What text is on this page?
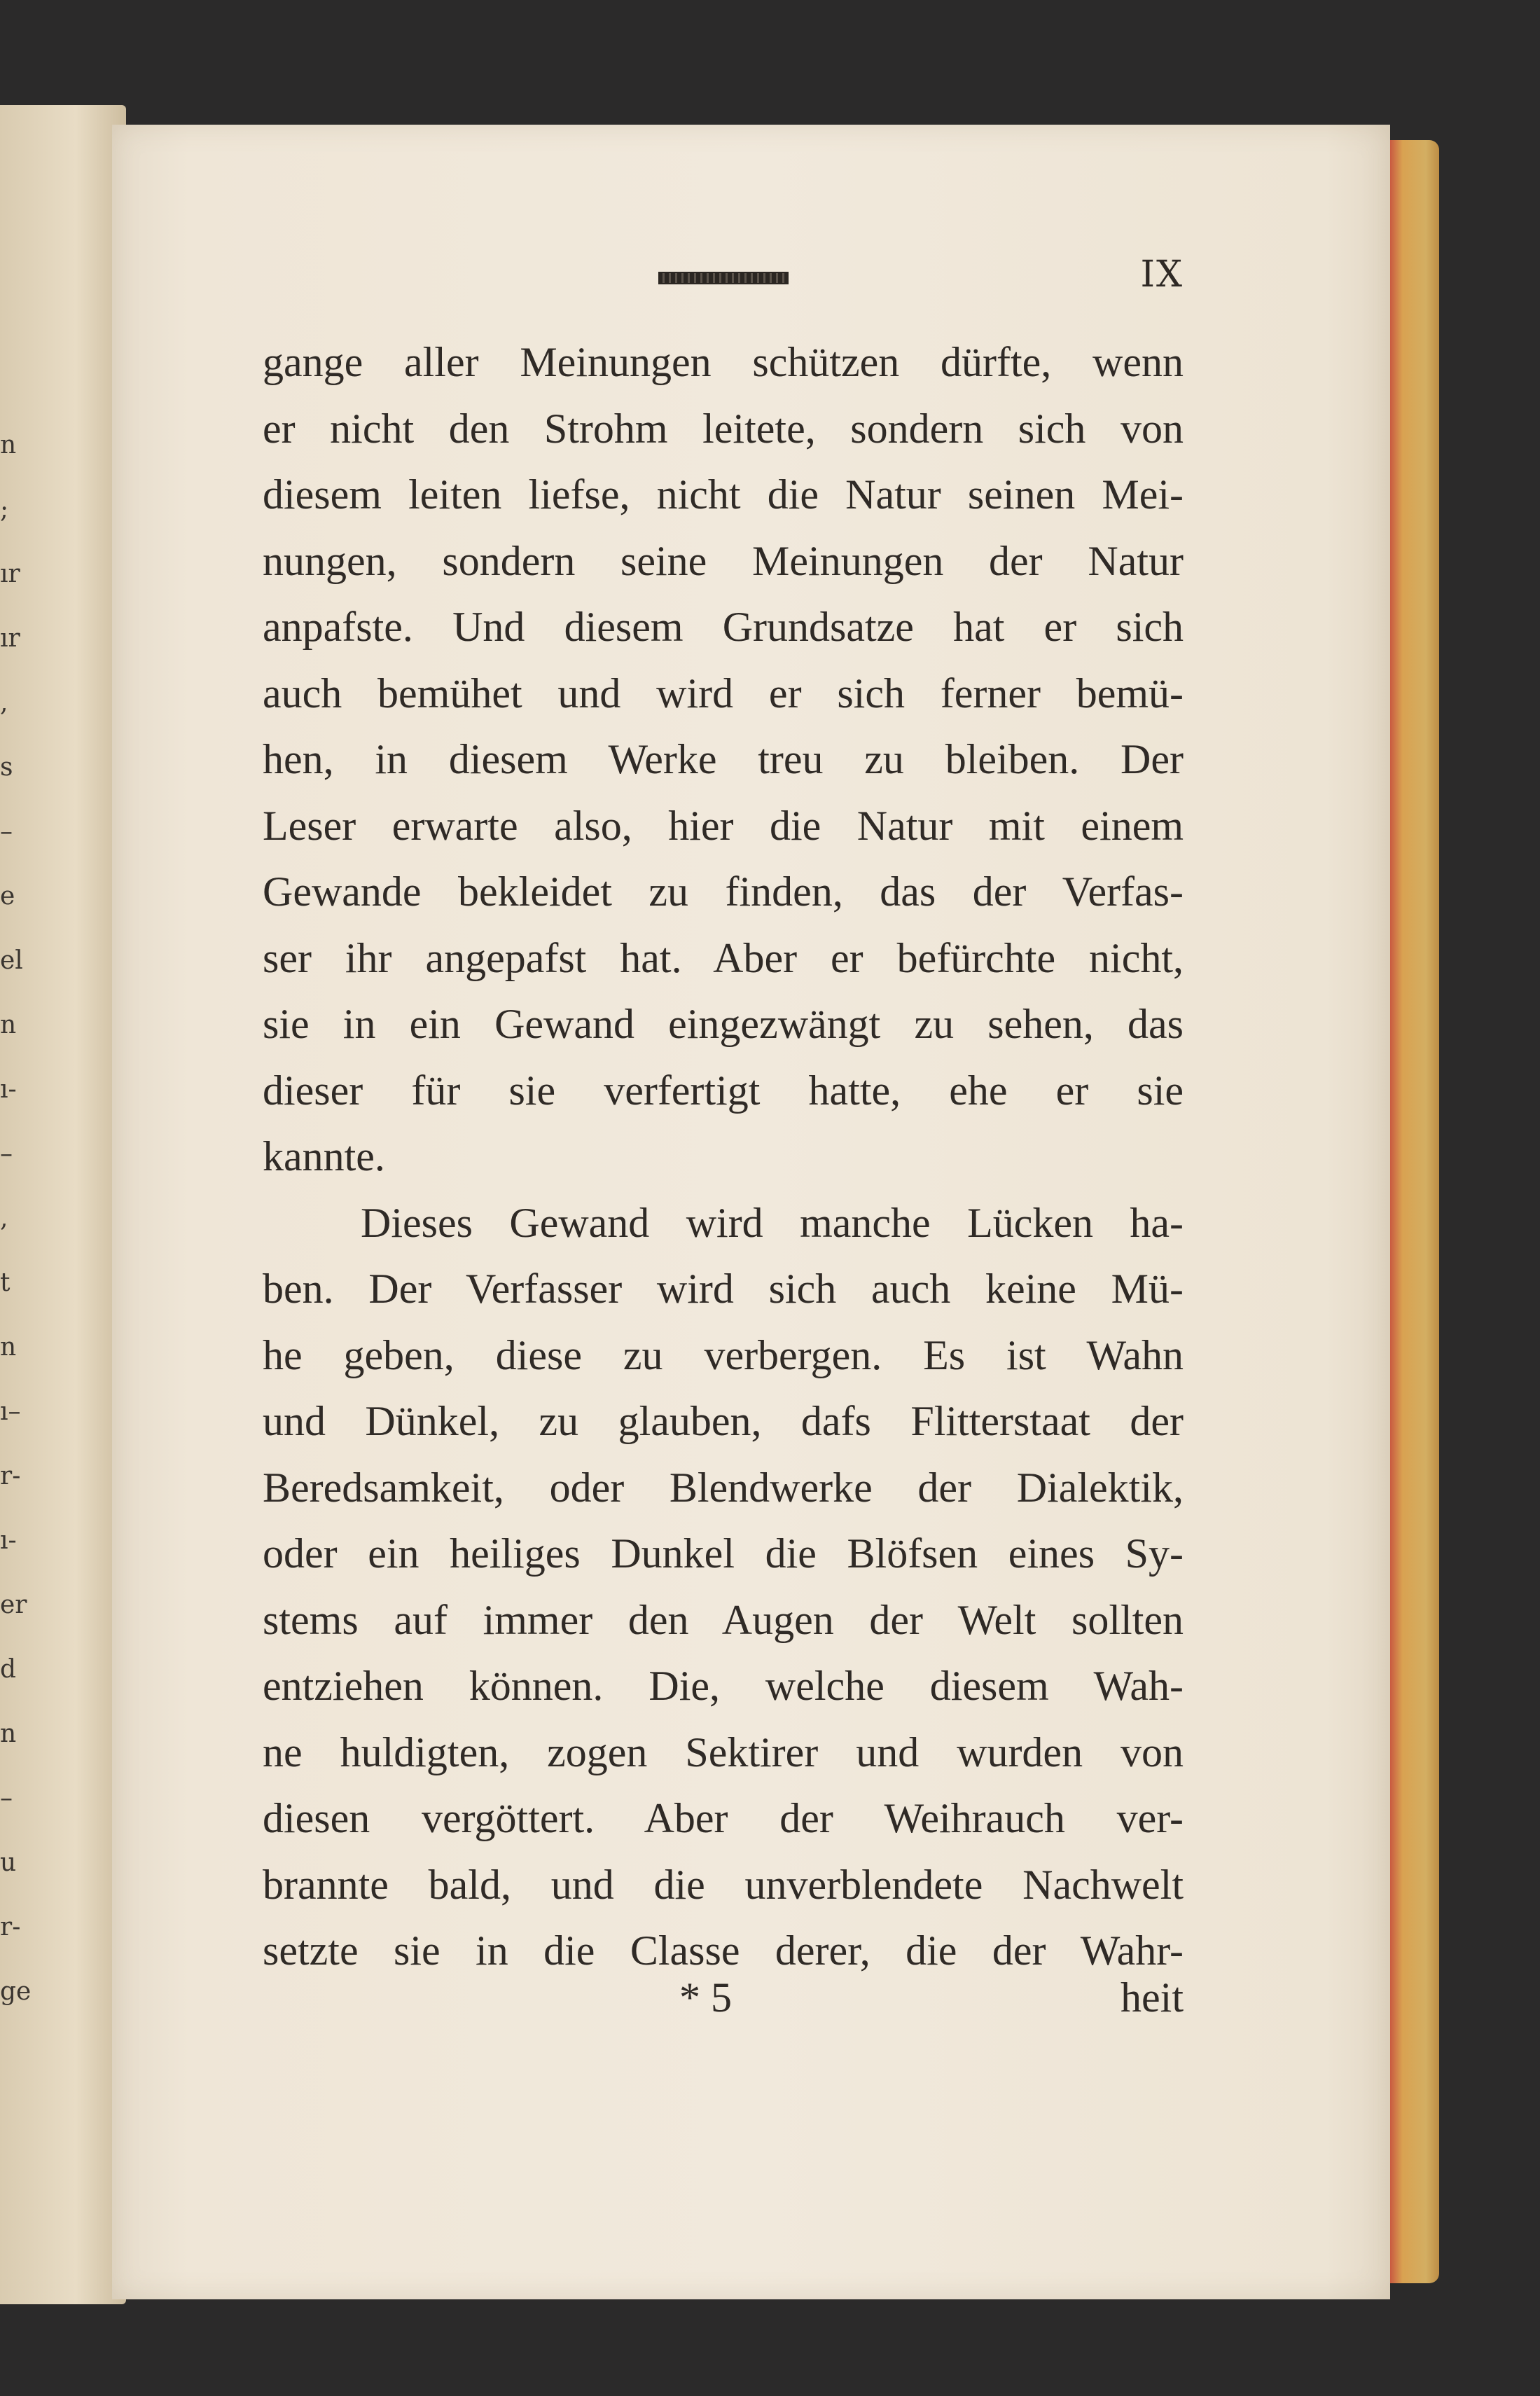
n
;
ır
ır
,
s
–
e
el
n
ı-
–
,
t
n
ı–
r-
ı-
er
d
n
–
u
r-
ge
IX
gange aller Meinungen schützen dürfte, wenn
er nicht den Strohm leitete, sondern sich von
diesem leiten liefse, nicht die Natur seinen Mei-
nungen, sondern seine Meinungen der Natur
anpafste. Und diesem Grundsatze hat er sich
auch bemühet und wird er sich ferner bemü-
hen, in diesem Werke treu zu bleiben. Der
Leser erwarte also, hier die Natur mit einem
Gewande bekleidet zu finden, das der Verfas-
ser ihr angepafst hat. Aber er befürchte nicht,
sie in ein Gewand eingezwängt zu sehen, das
dieser für sie verfertigt hatte, ehe er sie
kannte.
Dieses Gewand wird manche Lücken ha-
ben. Der Verfasser wird sich auch keine Mü-
he geben, diese zu verbergen. Es ist Wahn
und Dünkel, zu glauben, dafs Flitterstaat der
Beredsamkeit, oder Blendwerke der Dialektik,
oder ein heiliges Dunkel die Blöfsen eines Sy-
stems auf immer den Augen der Welt sollten
entziehen können. Die, welche diesem Wah-
ne huldigten, zogen Sektirer und wurden von
diesen vergöttert. Aber der Weihrauch ver-
brannte bald, und die unverblendete Nachwelt
setzte sie in die Classe derer, die der Wahr-
* 5	heit
